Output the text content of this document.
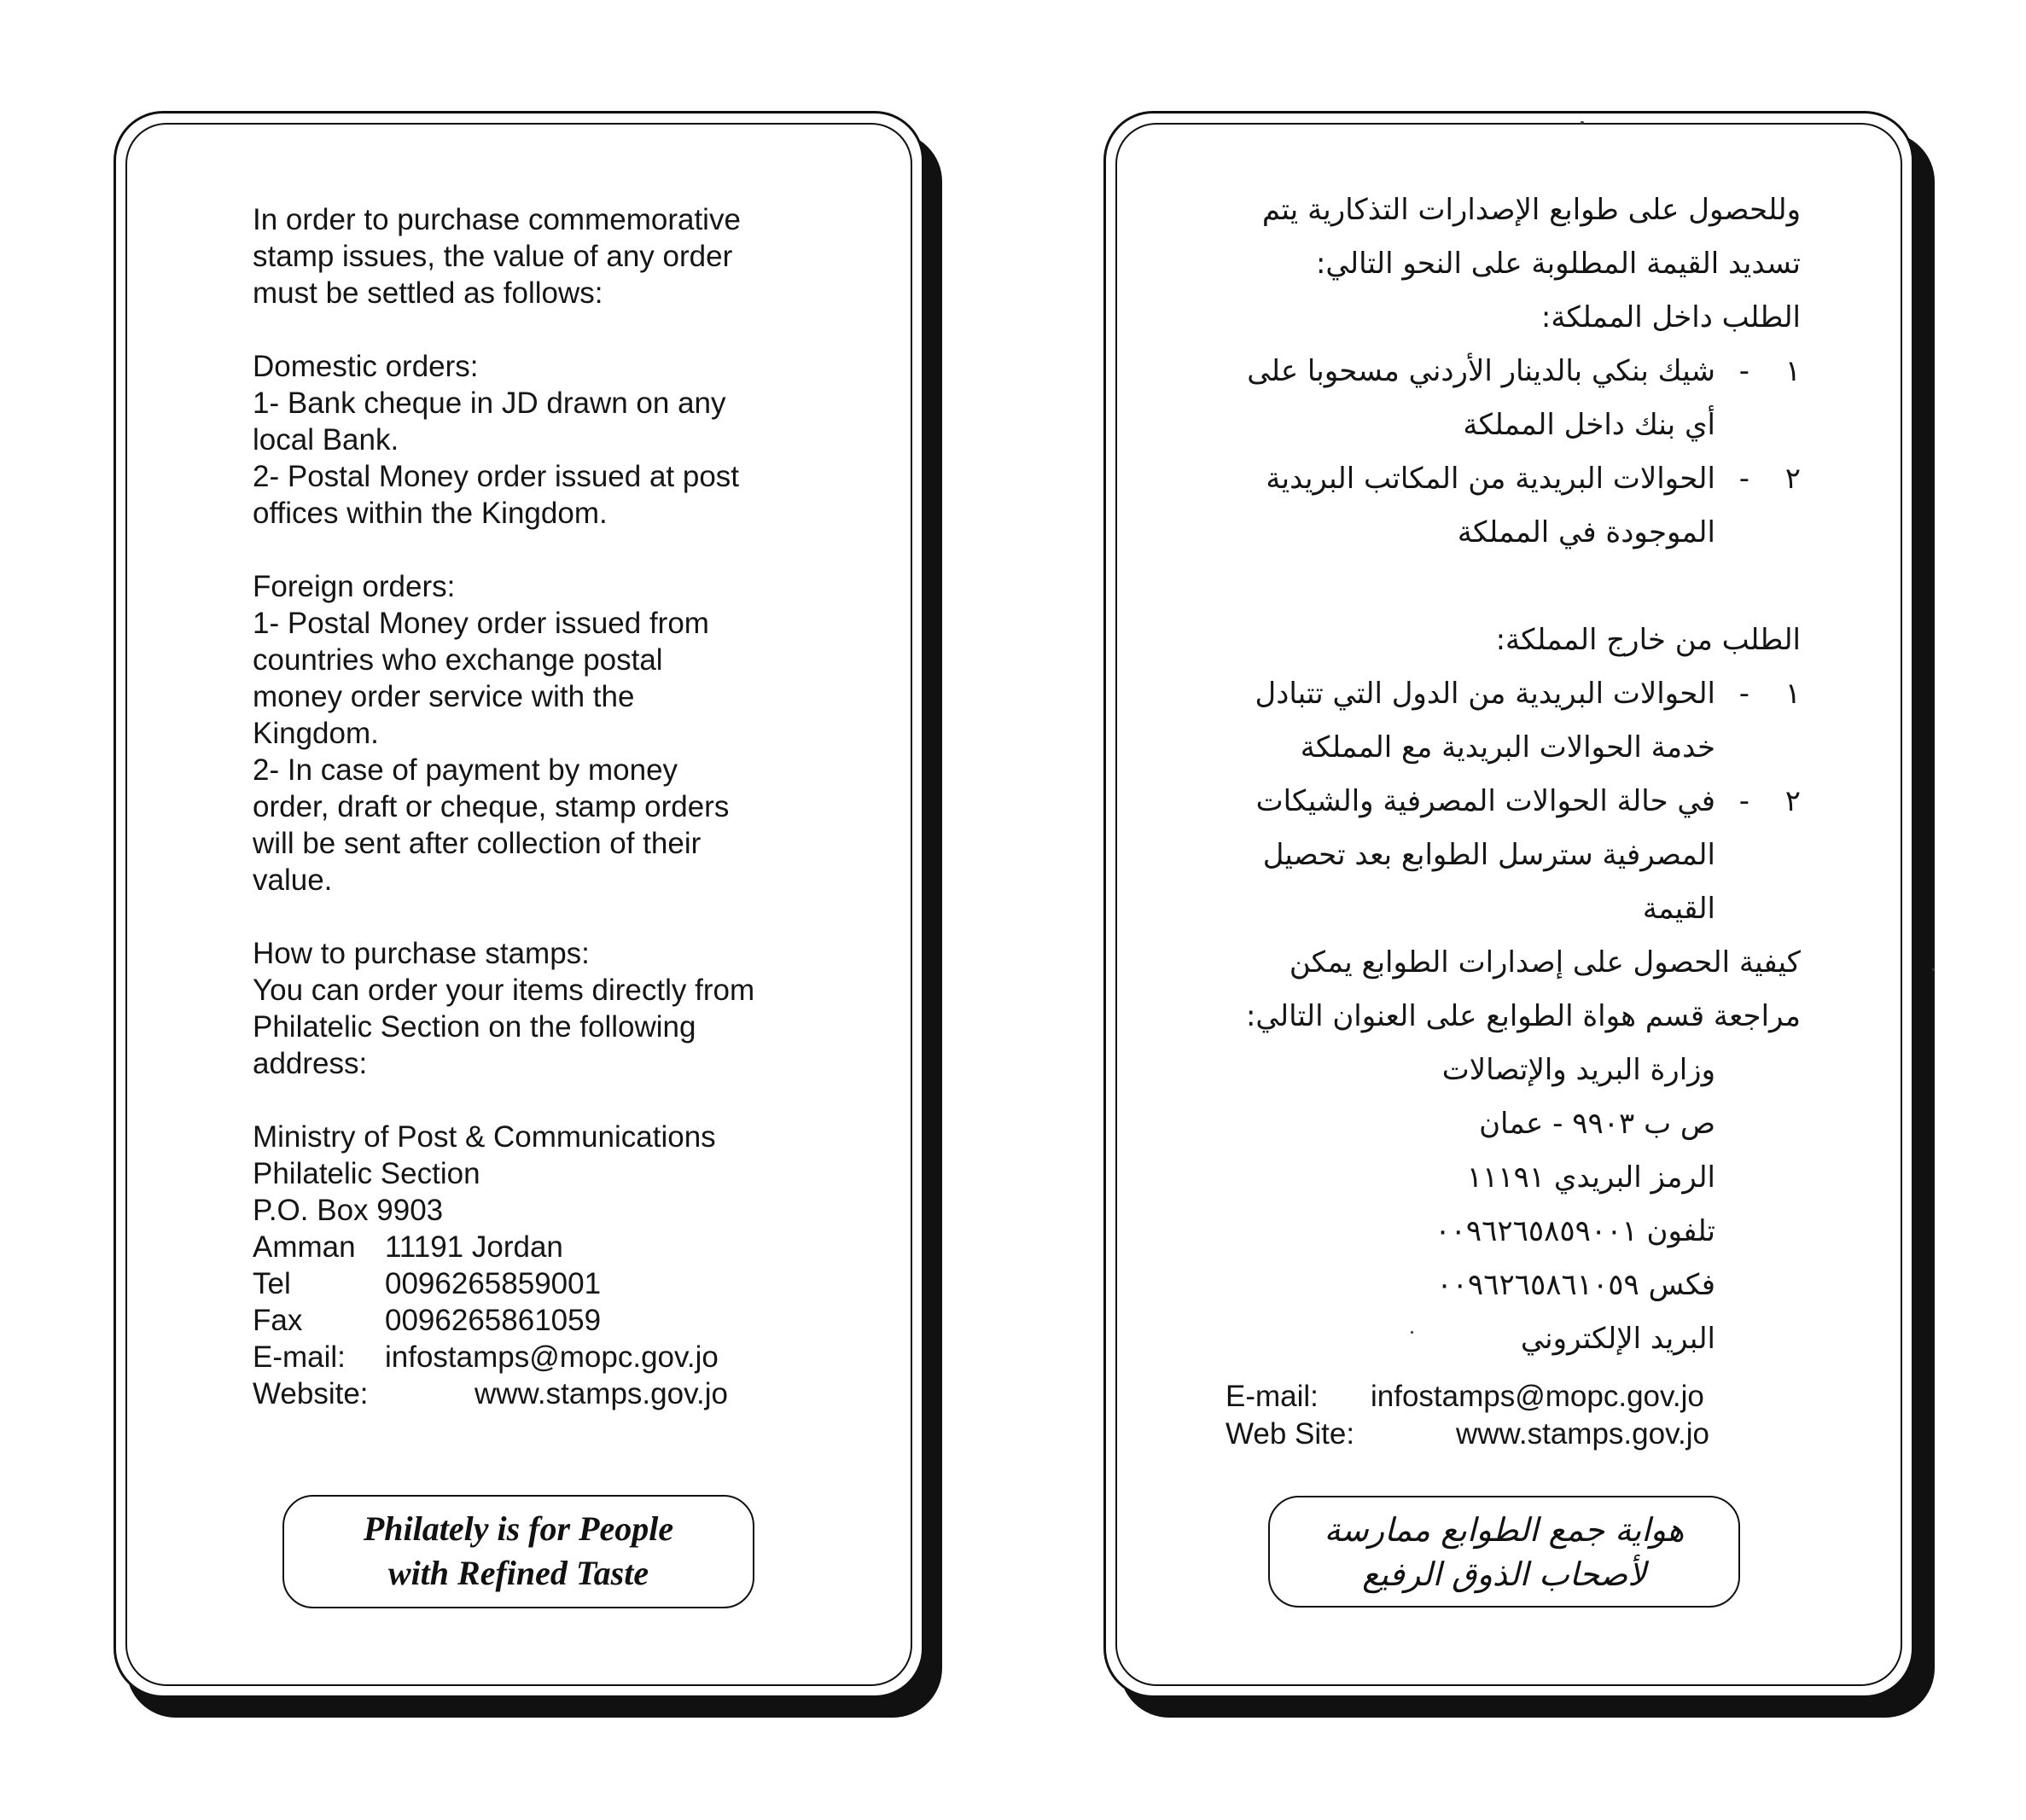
In order to purchase commemorative

stamp issues, the value of any order

must be settled as follows:

Domestic orders:

1- Bank cheque in JD drawn on any

local Bank.

2- Postal Money order issued at post

offices within the Kingdom.

Foreign orders:

1- Postal Money order issued from

countries who exchange postal

money order service with the

Kingdom.

2- In case of payment by money

order, draft or cheque, stamp orders

will be sent after collection of their

value.

How to purchase stamps:

You can order your items directly from

Philatelic Section on the following

address:

Ministry of Post & Communications

Philatelic Section

P.O. Box 9903

Amman 11191 Jordan
Tel	0096265859001
Fax	0096265861059
E-mail:	infostamps@mopc.gov.jo
Website:	www.stamps.gov.jo
Philately is for People
with Refined Taste
وللحصول على طوابع الإصدارات التذكارية يتم
تسديد القيمة المطلوبة على النحو التالي:
الطلب داخل المملكة:
١
-
شيك بنكي بالدينار الأردني مسحوبا على
أي بنك داخل المملكة
٢
-
الحوالات البريدية من المكاتب البريدية
الموجودة في المملكة
الطلب من خارج المملكة:
١
-
الحوالات البريدية من الدول التي تتبادل
خدمة الحوالات البريدية مع المملكة
٢
-
في حالة الحوالات المصرفية والشيكات
المصرفية سترسل الطوابع بعد تحصيل
القيمة
كيفية الحصول على إصدارات الطوابع يمكن
مراجعة قسم هواة الطوابع على العنوان التالي:
وزارة البريد والإتصالات
ص ب ٩٩٠٣ - عمان
الرمز البريدي ١١١٩١
تلفون ٠٠٩٦٢٦٥٨٥٩٠٠١
فكس ٠٠٩٦٢٦٥٨٦١٠٥٩
البريد الإلكتروني
E-mail:	infostamps@mopc.gov.jo
Web Site:	www.stamps.gov.jo
هواية جمع الطوابع ممارسة
لأصحاب الذوق الرفيع
